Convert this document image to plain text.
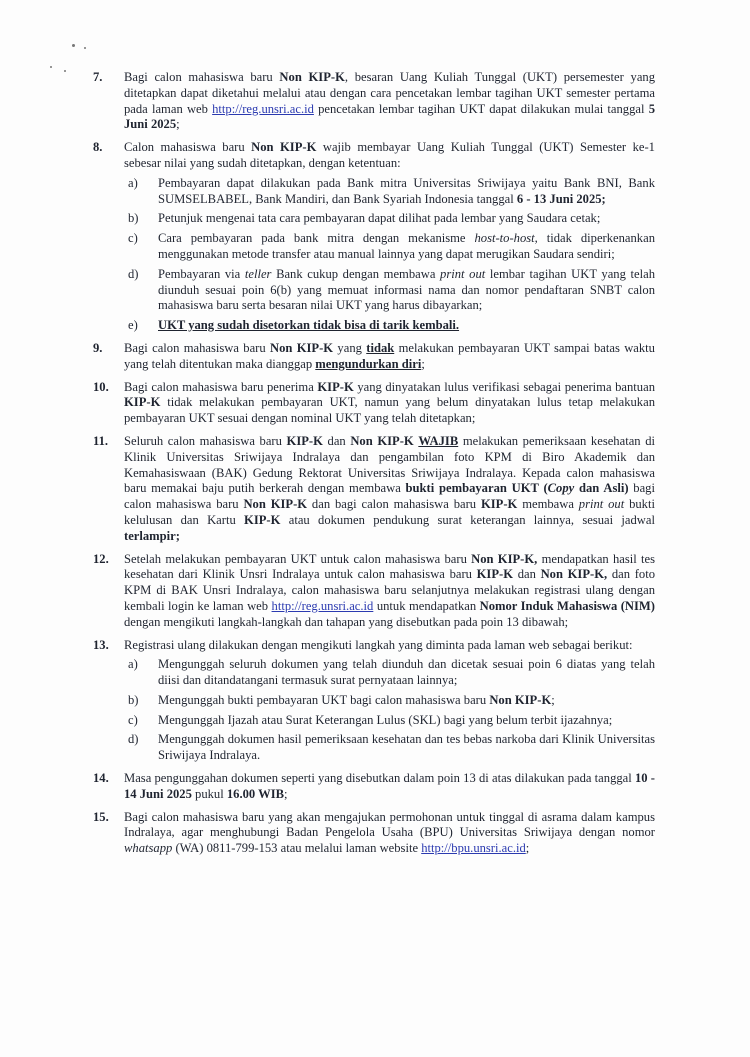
7. Bagi calon mahasiswa baru Non KIP-K, besaran Uang Kuliah Tunggal (UKT) persemester yang ditetapkan dapat diketahui melalui atau dengan cara pencetakan lembar tagihan UKT semester pertama pada laman web http://reg.unsri.ac.id pencetakan lembar tagihan UKT dapat dilakukan mulai tanggal 5 Juni 2025;
8. Calon mahasiswa baru Non KIP-K wajib membayar Uang Kuliah Tunggal (UKT) Semester ke-1 sebesar nilai yang sudah ditetapkan, dengan ketentuan:
a) Pembayaran dapat dilakukan pada Bank mitra Universitas Sriwijaya yaitu Bank BNI, Bank SUMSELBABEL, Bank Mandiri, dan Bank Syariah Indonesia tanggal 6 - 13 Juni 2025;
b) Petunjuk mengenai tata cara pembayaran dapat dilihat pada lembar yang Saudara cetak;
c) Cara pembayaran pada bank mitra dengan mekanisme host-to-host, tidak diperkenankan menggunakan metode transfer atau manual lainnya yang dapat merugikan Saudara sendiri;
d) Pembayaran via teller Bank cukup dengan membawa print out lembar tagihan UKT yang telah diunduh sesuai poin 6(b) yang memuat informasi nama dan nomor pendaftaran SNBT calon mahasiswa baru serta besaran nilai UKT yang harus dibayarkan;
e) UKT yang sudah disetorkan tidak bisa di tarik kembali.
9. Bagi calon mahasiswa baru Non KIP-K yang tidak melakukan pembayaran UKT sampai batas waktu yang telah ditentukan maka dianggap mengundurkan diri;
10. Bagi calon mahasiswa baru penerima KIP-K yang dinyatakan lulus verifikasi sebagai penerima bantuan KIP-K tidak melakukan pembayaran UKT, namun yang belum dinyatakan lulus tetap melakukan pembayaran UKT sesuai dengan nominal UKT yang telah ditetapkan;
11. Seluruh calon mahasiswa baru KIP-K dan Non KIP-K WAJIB melakukan pemeriksaan kesehatan di Klinik Universitas Sriwijaya Indralaya dan pengambilan foto KPM di Biro Akademik dan Kemahasiswaan (BAK) Gedung Rektorat Universitas Sriwijaya Indralaya. Kepada calon mahasiswa baru memakai baju putih berkerah dengan membawa bukti pembayaran UKT (Copy dan Asli) bagi calon mahasiswa baru Non KIP-K dan bagi calon mahasiswa baru KIP-K membawa print out bukti kelulusan dan Kartu KIP-K atau dokumen pendukung surat keterangan lainnya, sesuai jadwal terlampir;
12. Setelah melakukan pembayaran UKT untuk calon mahasiswa baru Non KIP-K, mendapatkan hasil tes kesehatan dari Klinik Unsri Indralaya untuk calon mahasiswa baru KIP-K dan Non KIP-K, dan foto KPM di BAK Unsri Indralaya, calon mahasiswa baru selanjutnya melakukan registrasi ulang dengan kembali login ke laman web http://reg.unsri.ac.id untuk mendapatkan Nomor Induk Mahasiswa (NIM) dengan mengikuti langkah-langkah dan tahapan yang disebutkan pada poin 13 dibawah;
13. Registrasi ulang dilakukan dengan mengikuti langkah yang diminta pada laman web sebagai berikut:
a) Mengunggah seluruh dokumen yang telah diunduh dan dicetak sesuai poin 6 diatas yang telah diisi dan ditandatangani termasuk surat pernyataan lainnya;
b) Mengunggah bukti pembayaran UKT bagi calon mahasiswa baru Non KIP-K;
c) Mengunggah Ijazah atau Surat Keterangan Lulus (SKL) bagi yang belum terbit ijazahnya;
d) Mengunggah dokumen hasil pemeriksaan kesehatan dan tes bebas narkoba dari Klinik Universitas Sriwijaya Indralaya.
14. Masa pengunggahan dokumen seperti yang disebutkan dalam poin 13 di atas dilakukan pada tanggal 10 - 14 Juni 2025 pukul 16.00 WIB;
15. Bagi calon mahasiswa baru yang akan mengajukan permohonan untuk tinggal di asrama dalam kampus Indralaya, agar menghubungi Badan Pengelola Usaha (BPU) Universitas Sriwijaya dengan nomor whatsapp (WA) 0811-799-153 atau melalui laman website http://bpu.unsri.ac.id;
